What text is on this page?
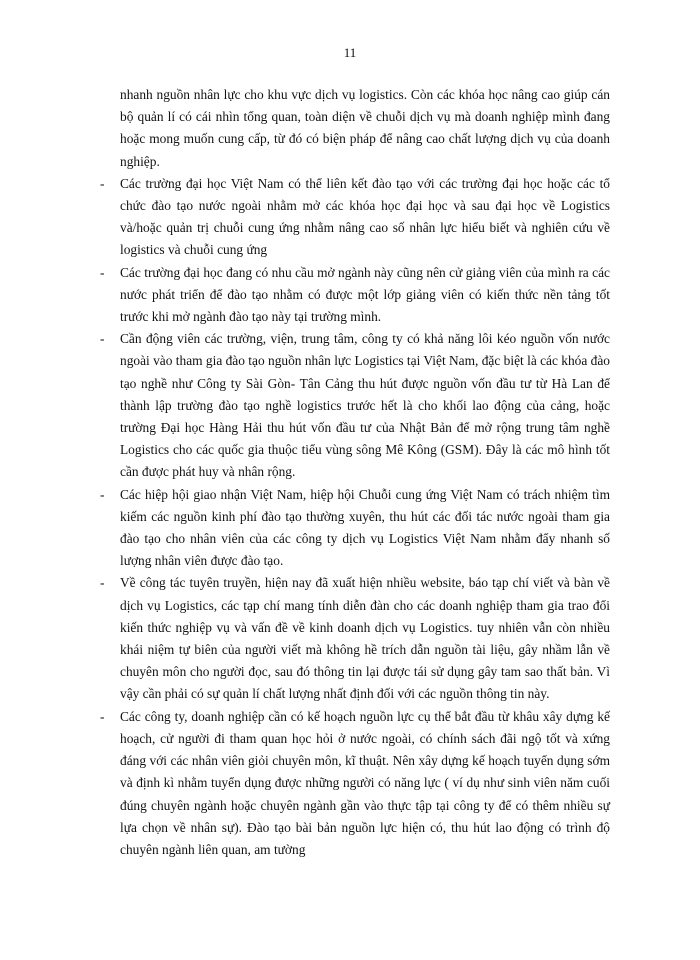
11

nhanh nguồn nhân lực cho khu vực dịch vụ logistics. Còn các khóa học nâng cao giúp cán bộ quản lí có cái nhìn tổng quan, toàn diện về chuỗi dịch vụ mà doanh nghiệp mình đang hoặc mong muốn cung cấp, từ đó có biện pháp để nâng cao chất lượng dịch vụ của doanh nghiệp.

-	Các trường đại học Việt Nam có thể liên kết đào tạo với các trường đại học hoặc các tổ chức đào tạo nước ngoài nhằm mở các khóa học đại học và sau đại học về Logistics và/hoặc quản trị chuỗi cung ứng nhằm nâng cao số nhân lực hiểu biết và nghiên cứu về logistics và chuỗi cung ứng
-	Các trường đại học đang có nhu cầu mở ngành này cũng nên cử giảng viên của mình ra các nước phát triển để đào tạo nhằm có được một lớp giảng viên có kiến thức nền tảng tốt trước khi mở ngành đào tạo này tại trường mình.
-	Cần động viên các trường, viện, trung tâm, công ty có khả năng lôi kéo nguồn vốn nước ngoài vào tham gia đào tạo nguồn nhân lực Logistics tại Việt Nam, đặc biệt là các khóa đào tạo nghề như Công ty Sài Gòn- Tân Cảng thu hút được nguồn vốn đầu tư từ Hà Lan để thành lập trường đào tạo nghề logistics trước hết là cho khối lao động của cảng, hoặc trường Đại học Hàng Hải thu hút vốn đầu tư của Nhật Bản để mở rộng trung tâm nghề Logistics cho các quốc gia thuộc tiểu vùng sông Mê Kông (GSM). Đây là các mô hình tốt cần được phát huy và nhân rộng.
-	Các hiệp hội giao nhận Việt Nam, hiệp hội Chuỗi cung ứng Việt Nam có trách nhiệm tìm kiếm các nguồn kinh phí đào tạo thường xuyên, thu hút các đối tác nước ngoài tham gia đào tạo cho nhân viên của các công ty dịch vụ Logistics Việt Nam nhằm đẩy nhanh số lượng nhân viên được đào tạo.
-	Về công tác tuyên truyền, hiện nay đã xuất hiện nhiều website, báo tạp chí viết và bàn về dịch vụ Logistics, các tạp chí mang tính diễn đàn cho các doanh nghiệp tham gia trao đổi kiến thức nghiệp vụ và vấn đề về kinh doanh dịch vụ Logistics. tuy nhiên vẫn còn nhiều khái niệm tự biên của người viết mà không hề trích dẫn nguồn tài liệu, gây nhầm lẫn về chuyên môn cho người đọc, sau đó thông tin lại được tái sử dụng gây tam sao thất bản. Vì vậy cần phải có sự quản lí chất lượng nhất định đối với các nguồn thông tin này.
-	Các công ty, doanh nghiệp cần có kế hoạch nguồn lực cụ thể bắt đầu từ khâu xây dựng kế hoạch, cử người đi tham quan học hỏi ở nước ngoài, có chính sách đãi ngộ tốt và xứng đáng với các nhân viên giỏi chuyên môn, kĩ thuật. Nên xây dựng kế hoạch tuyển dụng sớm và định kì nhằm tuyển dụng được những người có năng lực ( ví dụ như sinh viên năm cuối đúng chuyên ngành hoặc chuyên ngành gần vào thực tập tại công ty để có thêm nhiều sự lựa chọn về nhân sự). Đào tạo bài bản nguồn lực hiện có, thu hút lao động có trình độ chuyên ngành liên quan, am tường
